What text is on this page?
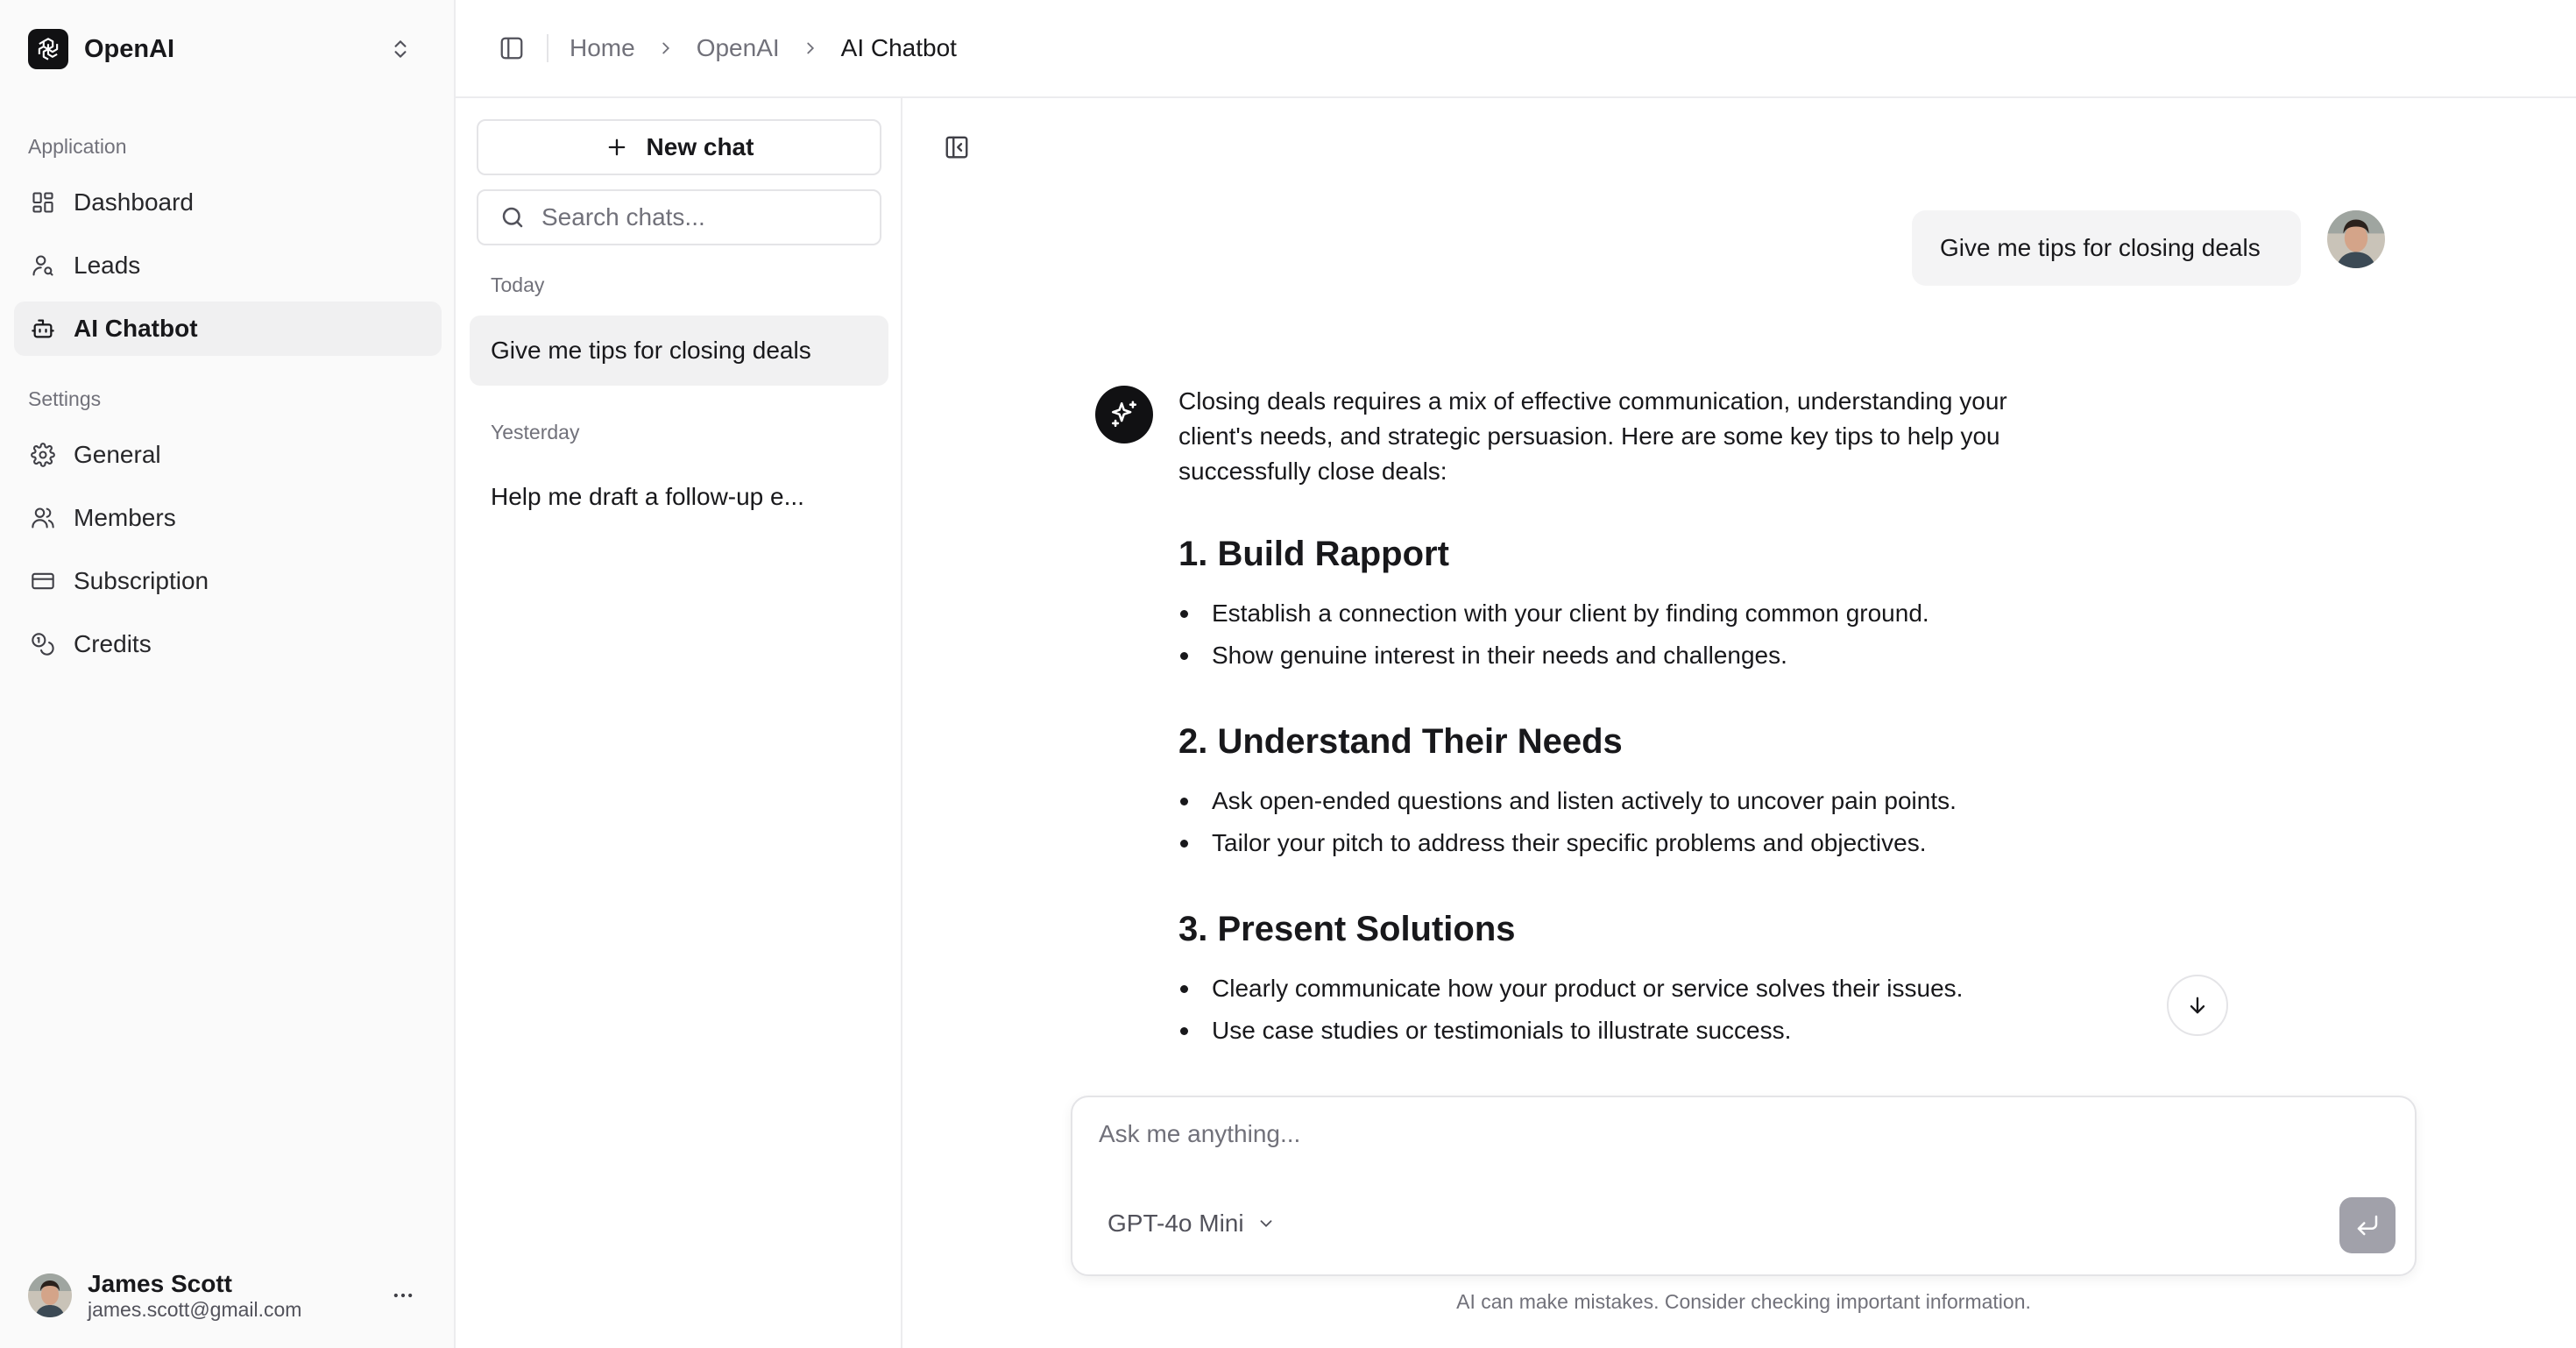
OpenAI
Application
Dashboard
Leads
AI Chatbot
Settings
General
Members
Subscription
Credits
James Scott
james.scott@gmail.com
Home	OpenAI	AI Chatbot
New chat
Search chats...
Today
Give me tips for closing deals
Yesterday
Help me draft a follow-up e...
Give me tips for closing deals

Closing deals requires a mix of effective communication, understanding your client's needs, and strategic persuasion. Here are some key tips to help you successfully close deals:

1. Build Rapport
Establish a connection with your client by finding common ground.
Show genuine interest in their needs and challenges.
2. Understand Their Needs
Ask open-ended questions and listen actively to uncover pain points.
Tailor your pitch to address their specific problems and objectives.
3. Present Solutions
Clearly communicate how your product or service solves their issues.
Use case studies or testimonials to illustrate success.
Ask me anything...
GPT-4o Mini
AI can make mistakes. Consider checking important information.
